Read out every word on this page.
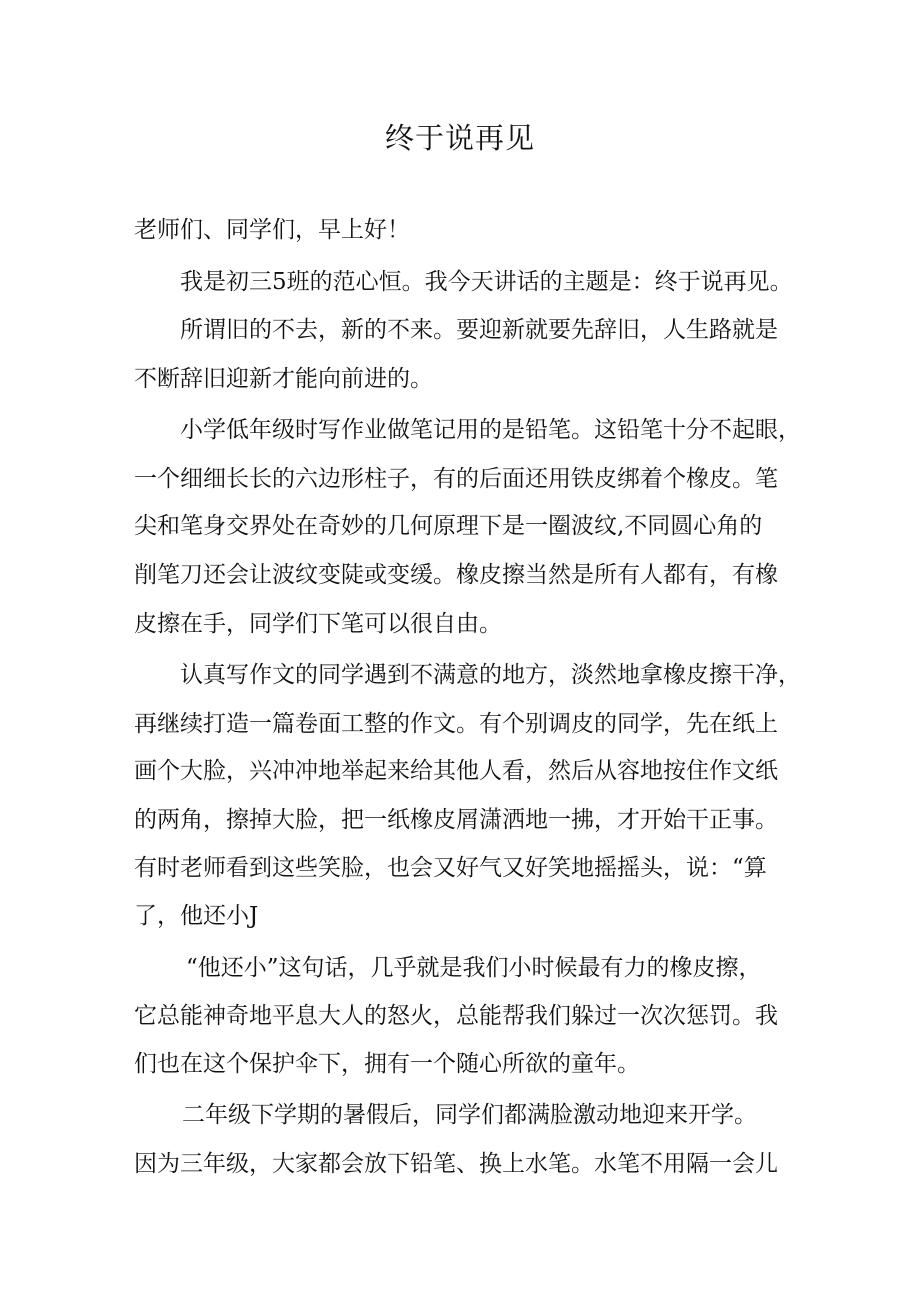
终于说再见
老师们、同学们，早上好！
我是初三5班的范心恒。我今天讲话的主题是：终于说再见。
所谓旧的不去，新的不来。要迎新就要先辞旧，人生路就是
不断辞旧迎新才能向前进的。
小学低年级时写作业做笔记用的是铅笔。这铅笔十分不起眼，
一个细细长长的六边形柱子，有的后面还用铁皮绑着个橡皮。笔
尖和笔身交界处在奇妙的几何原理下是一圈波纹,不同圆心角的
削笔刀还会让波纹变陡或变缓。橡皮擦当然是所有人都有，有橡
皮擦在手，同学们下笔可以很自由。
认真写作文的同学遇到不满意的地方，淡然地拿橡皮擦干净，
再继续打造一篇卷面工整的作文。有个别调皮的同学，先在纸上
画个大脸，兴冲冲地举起来给其他人看，然后从容地按住作文纸
的两角，擦掉大脸，把一纸橡皮屑潇洒地一拂，才开始干正事。
有时老师看到这些笑脸，也会又好气又好笑地摇摇头，说：“算
了，他还小J
“他还小”这句话，几乎就是我们小时候最有力的橡皮擦，
它总能神奇地平息大人的怒火，总能帮我们躲过一次次惩罚。我
们也在这个保护伞下，拥有一个随心所欲的童年。
二年级下学期的暑假后，同学们都满脸激动地迎来开学。
因为三年级，大家都会放下铅笔、换上水笔。水笔不用隔一会儿
